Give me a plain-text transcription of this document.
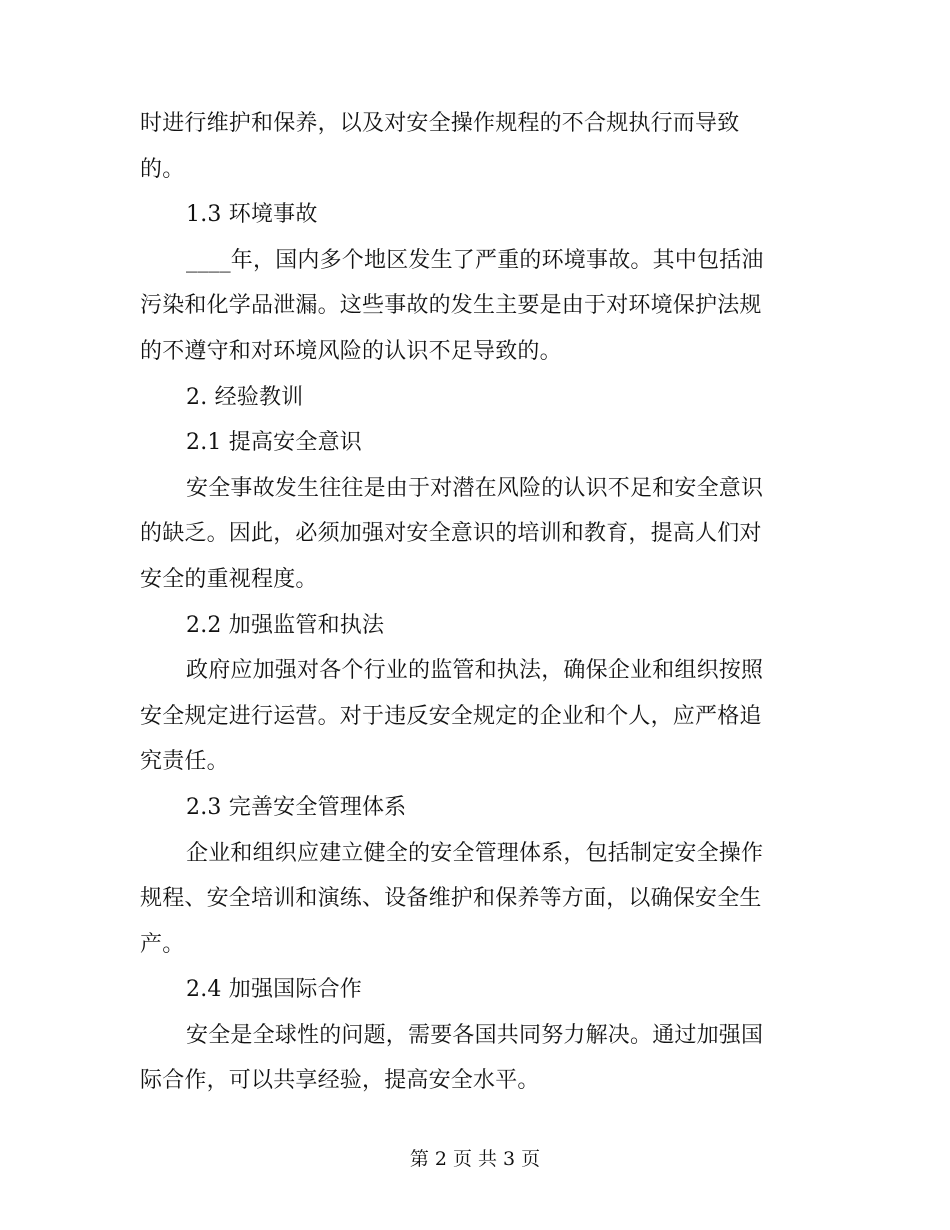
时进行维护和保养，以及对安全操作规程的不合规执行而导致
的。
1.3 环境事故
____年，国内多个地区发生了严重的环境事故。其中包括油
污染和化学品泄漏。这些事故的发生主要是由于对环境保护法规
的不遵守和对环境风险的认识不足导致的。
2. 经验教训
2.1 提高安全意识
安全事故发生往往是由于对潜在风险的认识不足和安全意识
的缺乏。因此，必须加强对安全意识的培训和教育，提高人们对
安全的重视程度。
2.2 加强监管和执法
政府应加强对各个行业的监管和执法，确保企业和组织按照
安全规定进行运营。对于违反安全规定的企业和个人，应严格追
究责任。
2.3 完善安全管理体系
企业和组织应建立健全的安全管理体系，包括制定安全操作
规程、安全培训和演练、设备维护和保养等方面，以确保安全生
产。
2.4 加强国际合作
安全是全球性的问题，需要各国共同努力解决。通过加强国
际合作，可以共享经验，提高安全水平。
第 2 页 共 3 页
